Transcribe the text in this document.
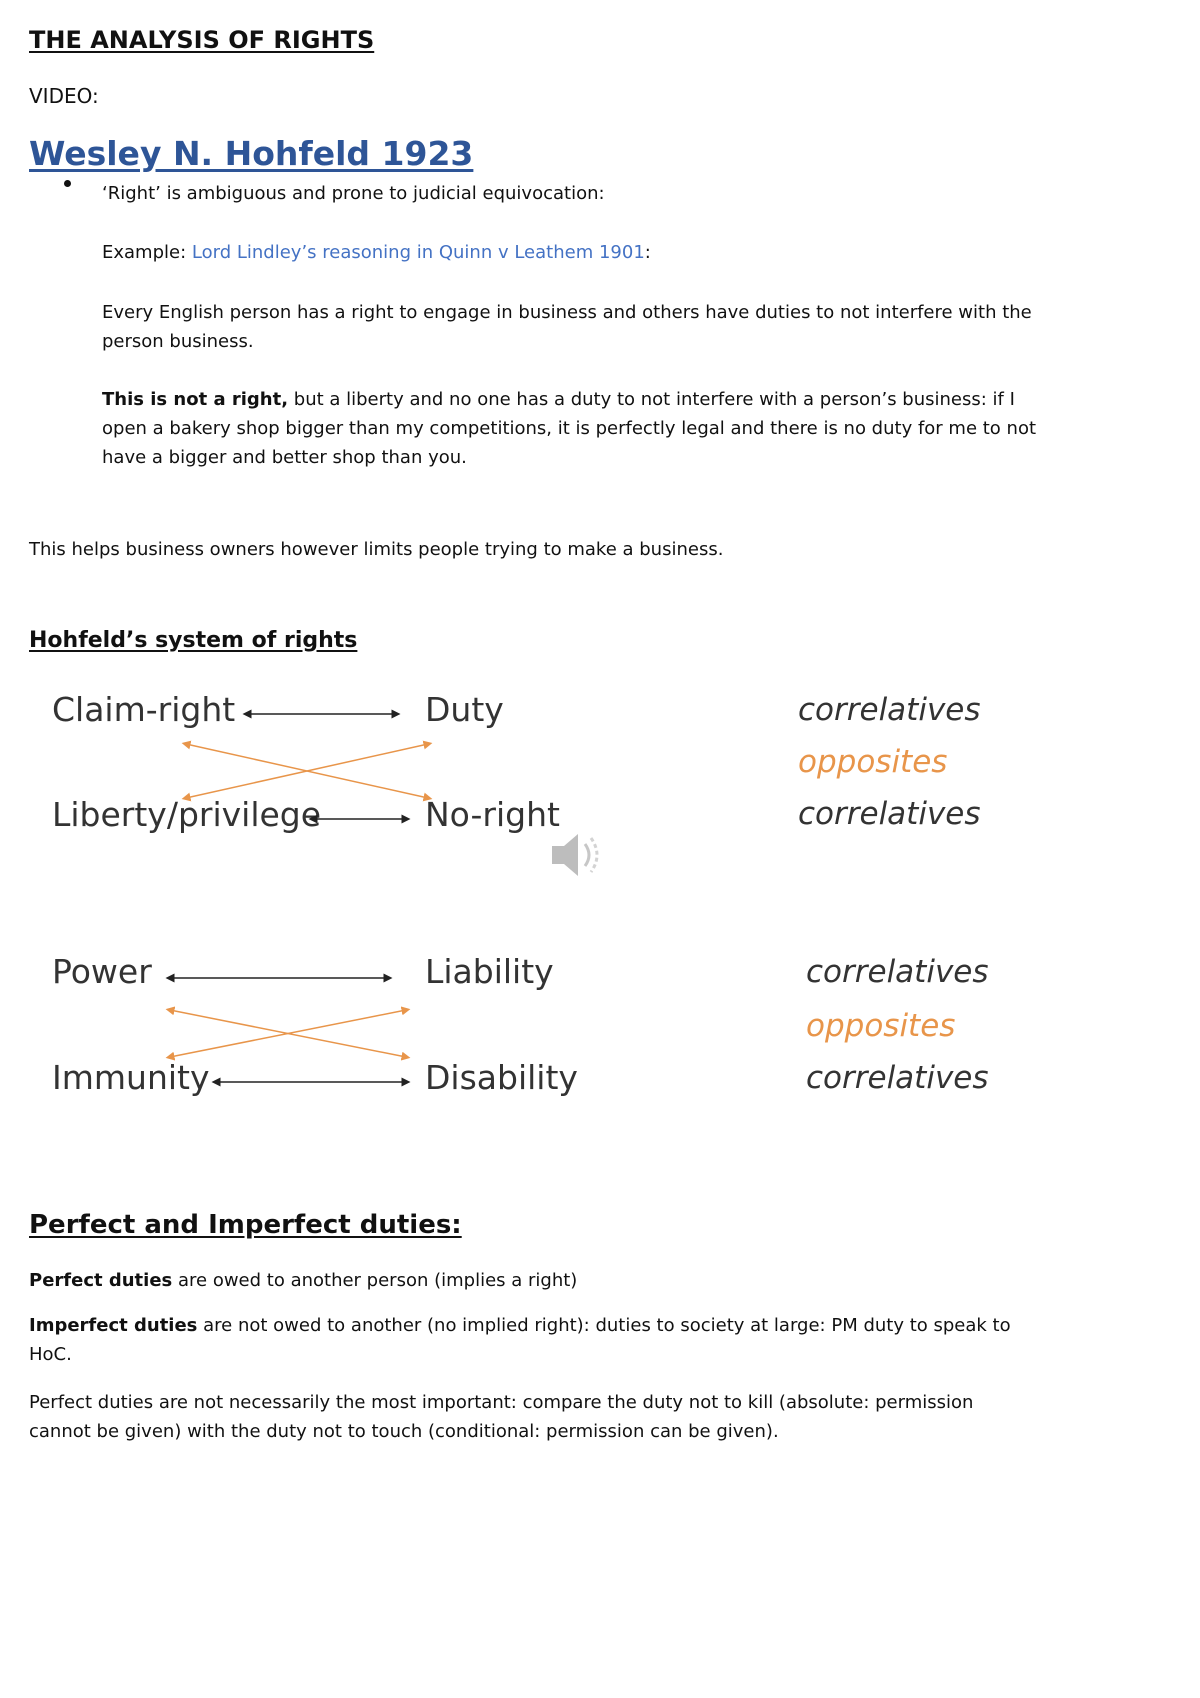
THE ANALYSIS OF RIGHTS
VIDEO:
Wesley N. Hohfeld 1923
‘Right’ is ambiguous and prone to judicial equivocation:
Example: Lord Lindley’s reasoning in Quinn v Leathem 1901:
Every English person has a right to engage in business and others have duties to not interfere with the person business.
This is not a right, but a liberty and no one has a duty to not interfere with a person’s business: if I open a bakery shop bigger than my competitions, it is perfectly legal and there is no duty for me to not have a bigger and better shop than you.
This helps business owners however limits people trying to make a business.
Hohfeld’s system of rights
Claim-right	Duty
Liberty/privilege	No-right
correlatives
opposites
correlatives
Power	Liability
Immunity	Disability
correlatives
opposites
correlatives
Perfect and Imperfect duties:
Perfect duties are owed to another person (implies a right)
Imperfect duties are not owed to another (no implied right): duties to society at large: PM duty to speak to HoC.
Perfect duties are not necessarily the most important: compare the duty not to kill (absolute: permission cannot be given) with the duty not to touch (conditional: permission can be given).
